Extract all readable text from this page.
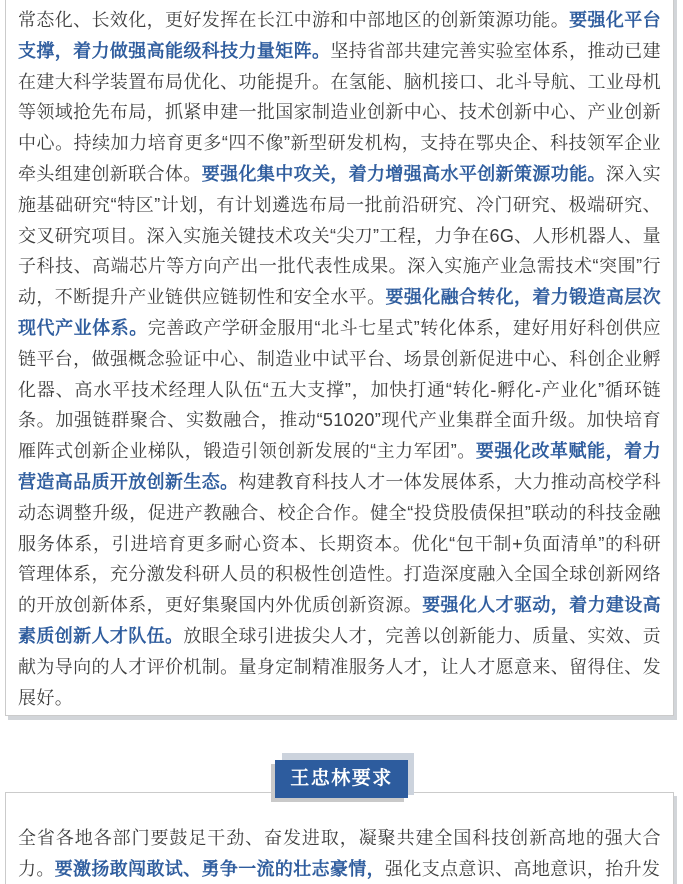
常态化、长效化，更好发挥在长江中游和中部地区的创新策源功能。要强化平台支撑，着力做强高能级科技力量矩阵。坚持省部共建完善实验室体系，推动已建在建大科学装置布局优化、功能提升。在氢能、脑机接口、北斗导航、工业母机等领域抢先布局，抓紧申建一批国家制造业创新中心、技术创新中心、产业创新中心。持续加力培育更多“四不像”新型研发机构，支持在鄂央企、科技领军企业牵头组建创新联合体。要强化集中攻关，着力增强高水平创新策源功能。深入实施基础研究“特区”计划，有计划遴选布局一批前沿研究、冷门研究、极端研究、交叉研究项目。深入实施关键技术攻关“尖刀”工程，力争在6G、人形机器人、量子科技、高端芯片等方向产出一批代表性成果。深入实施产业急需技术“突围”行动，不断提升产业链供应链韧性和安全水平。要强化融合转化，着力锻造高层次现代产业体系。完善政产学研金服用“北斗七星式”转化体系，建好用好科创供应链平台，做强概念验证中心、制造业中试平台、场景创新促进中心、科创企业孵化器、高水平技术经理人队伍“五大支撑”，加快打通“转化-孵化-产业化”循环链条。加强链群聚合、实数融合，推动“51020”现代产业集群全面升级。加快培育雁阵式创新企业梯队，锻造引领创新发展的“主力军团”。要强化改革赋能，着力营造高品质开放创新生态。构建教育科技人才一体发展体系，大力推动高校学科动态调整升级，促进产教融合、校企合作。健全“投贷股债保担”联动的科技金融服务体系，引进培育更多耐心资本、长期资本。优化“包干制+负面清单”的科研管理体系，充分激发科研人员的积极性创造性。打造深度融入全国全球创新网络的开放创新体系，更好集聚国内外优质创新资源。要强化人才驱动，着力建设高素质创新人才队伍。放眼全球引进拔尖人才，完善以创新能力、质量、实效、贡献为导向的人才评价机制。量身定制精准服务人才，让人才愿意来、留得住、发展好。

王忠林要求

全省各地各部门要鼓足干劲、奋发进取，凝聚共建全国科技创新高地的强大合力。要激扬敢闯敢试、勇争一流的壮志豪情，强化支点意识、高地意识，抬升发
